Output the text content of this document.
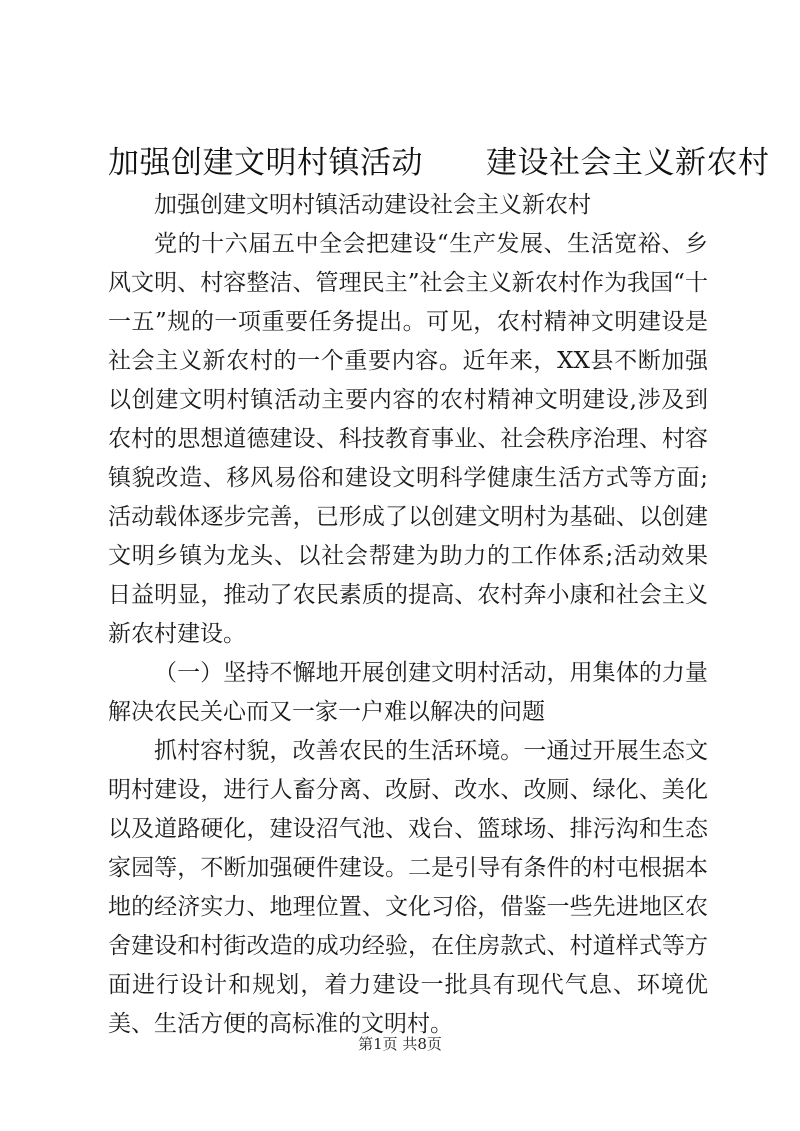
加强创建文明村镇活动　　建设社会主义新农村

加强创建文明村镇活动建设社会主义新农村

党的十六届五中全会把建设“生产发展、生活宽裕、乡风文明、村容整洁、管理民主”社会主义新农村作为我国“十一五”规的一项重要任务提出。可见，农村精神文明建设是社会主义新农村的一个重要内容。近年来，XX县不断加强以创建文明村镇活动主要内容的农村精神文明建设,涉及到农村的思想道德建设、科技教育事业、社会秩序治理、村容镇貌改造、移风易俗和建设文明科学健康生活方式等方面;活动载体逐步完善，已形成了以创建文明村为基础、以创建文明乡镇为龙头、以社会帮建为助力的工作体系;活动效果日益明显，推动了农民素质的提高、农村奔小康和社会主义新农村建设。

（一）坚持不懈地开展创建文明村活动，用集体的力量解决农民关心而又一家一户难以解决的问题

抓村容村貌，改善农民的生活环境。一通过开展生态文明村建设，进行人畜分离、改厨、改水、改厕、绿化、美化以及道路硬化，建设沼气池、戏台、篮球场、排污沟和生态家园等，不断加强硬件建设。二是引导有条件的村屯根据本地的经济实力、地理位置、文化习俗，借鉴一些先进地区农舍建设和村街改造的成功经验，在住房款式、村道样式等方面进行设计和规划，着力建设一批具有现代气息、环境优美、生活方便的高标准的文明村。

第1页 共8页
